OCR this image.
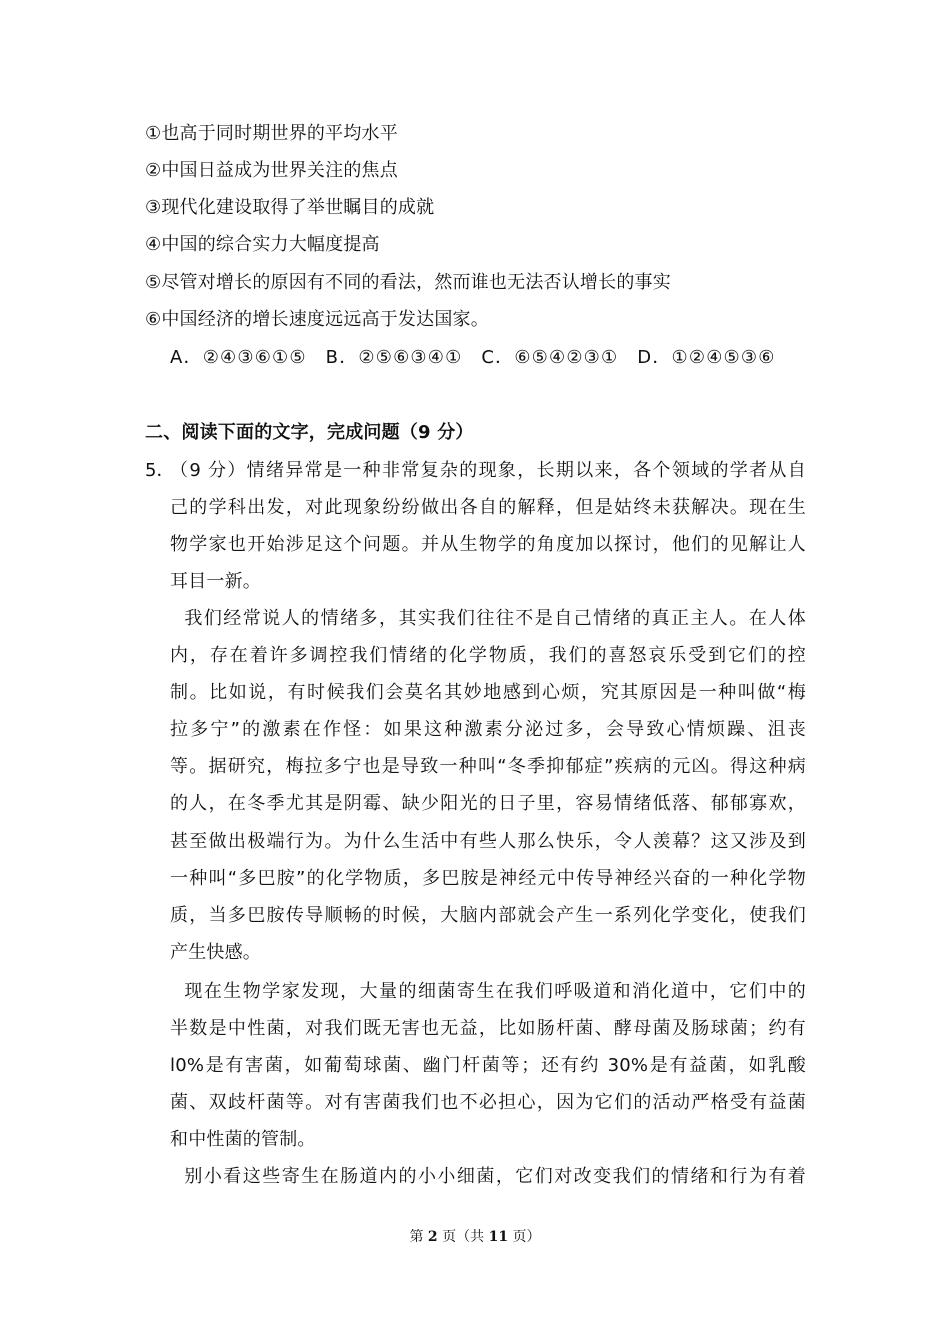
①也高于同时期世界的平均水平
②中国日益成为世界关注的焦点
③现代化建设取得了举世瞩目的成就
④中国的综合实力大幅度提高
⑤尽管对增长的原因有不同的看法，然而谁也无法否认增长的事实
⑥中国经济的增长速度远远高于发达国家。
A．②④③⑥①⑤ B．②⑤⑥③④① C．⑥⑤④②③① D．①②④⑤③⑥
二、阅读下面的文字，完成问题（9 分）
5．
（9 分）情绪异常是一种非常复杂的现象，长期以来，各个领域的学者从自
己的学科出发，对此现象纷纷做出各自的解释，但是姑终未获解决。现在生
物学家也开始涉足这个问题。并从生物学的角度加以探讨，他们的见解让人
耳目一新。
我们经常说人的情绪多，其实我们往往不是自己情绪的真正主人。在人体
内，存在着许多调控我们情绪的化学物质，我们的喜怒哀乐受到它们的控
制。比如说，有时候我们会莫名其妙地感到心烦，究其原因是一种叫做“梅
拉多宁”的激素在作怪：如果这种激素分泌过多，会导致心情烦躁、沮丧
等。据研究，梅拉多宁也是导致一种叫“冬季抑郁症”疾病的元凶。得这种病
的人，在冬季尤其是阴霉、缺少阳光的日子里，容易情绪低落、郁郁寡欢，
甚至做出极端行为。为什么生活中有些人那么快乐，令人羡幕？这又涉及到
一种叫“多巴胺”的化学物质，多巴胺是神经元中传导神经兴奋的一种化学物
质，当多巴胺传导顺畅的时候，大脑内部就会产生一系列化学变化，使我们
产生快感。
现在生物学家发现，大量的细菌寄生在我们呼吸道和消化道中，它们中的
半数是中性菌，对我们既无害也无益，比如肠杆菌、酵母菌及肠球菌；约有
l0%是有害菌，如葡萄球菌、幽门杆菌等；还有约 30%是有益菌，如乳酸
菌、双歧杆菌等。对有害菌我们也不必担心，因为它们的活动严格受有益菌
和中性菌的管制。
别小看这些寄生在肠道内的小小细菌，它们对改变我们的情绪和行为有着
第 2 页（共 11 页）
